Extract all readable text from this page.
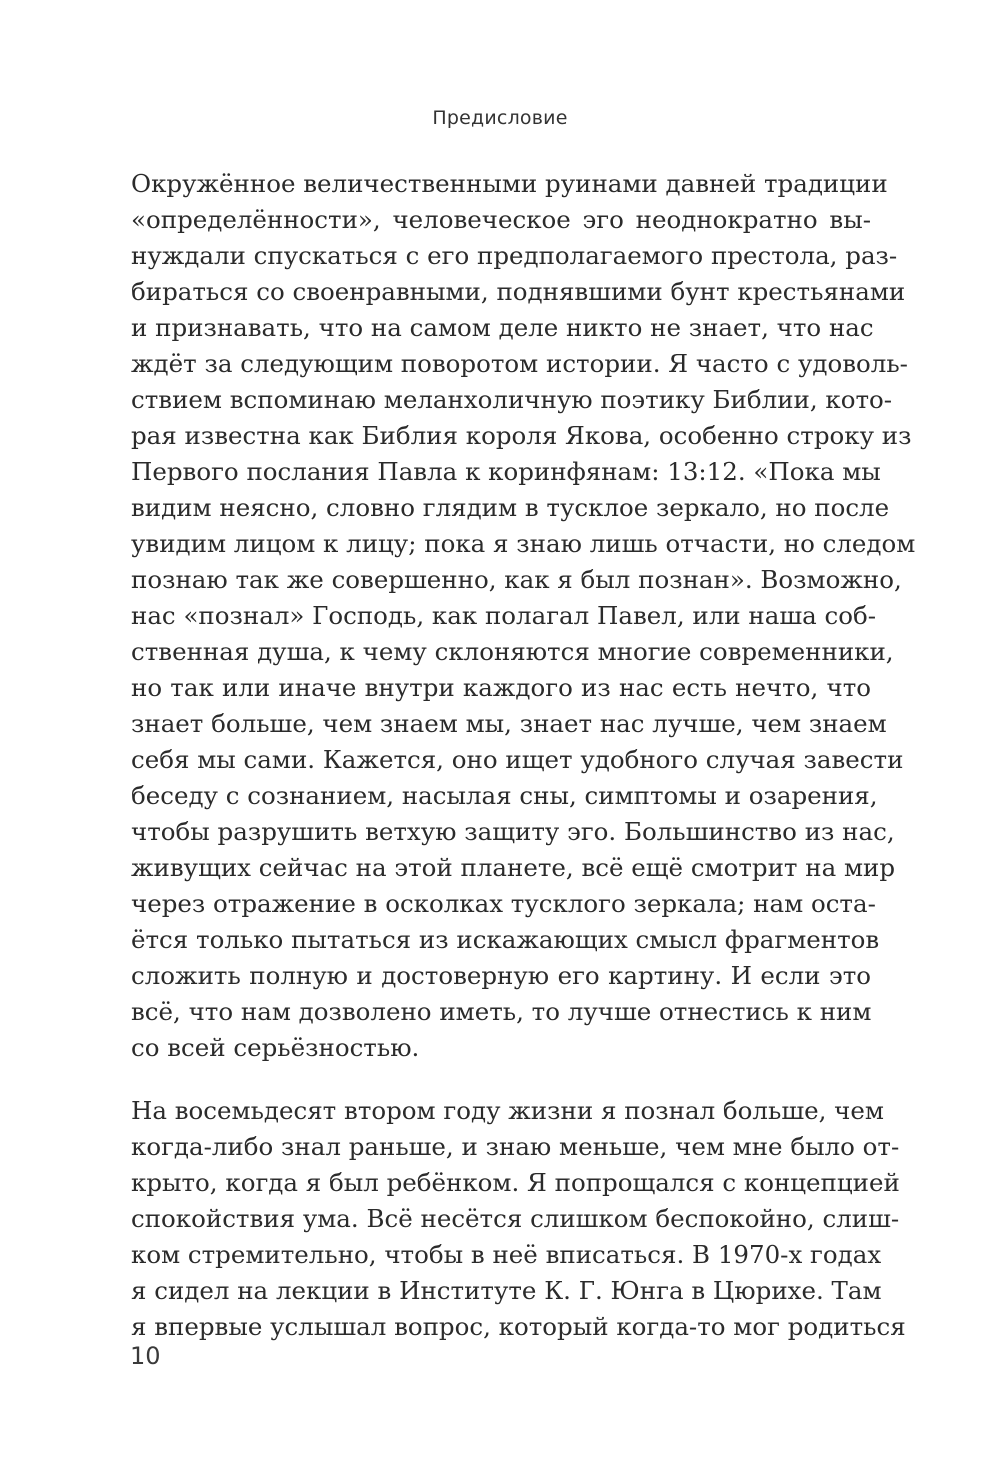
Предисловие
Окружённое величественными руинами давней традиции
«определённости», человеческое эго неоднократно вы-
нуждали спускаться с его предполагаемого престола, раз-
бираться со своенравными, поднявшими бунт крестьянами
и признавать, что на самом деле никто не знает, что нас
ждёт за следующим поворотом истории. Я часто с удоволь-
ствием вспоминаю меланхоличную поэтику Библии, кото-
рая известна как Библия короля Якова, особенно строку из
Первого послания Павла к коринфянам: 13:12. «Пока мы
видим неясно, словно глядим в тусклое зеркало, но после
увидим лицом к лицу; пока я знаю лишь отчасти, но следом
познаю так же совершенно, как я был познан». Возможно,
нас «познал» Господь, как полагал Павел, или наша соб-
ственная душа, к чему склоняются многие современники,
но так или иначе внутри каждого из нас есть нечто, что
знает больше, чем знаем мы, знает нас лучше, чем знаем
себя мы сами. Кажется, оно ищет удобного случая завести
беседу с сознанием, насылая сны, симптомы и озарения,
чтобы разрушить ветхую защиту эго. Большинство из нас,
живущих сейчас на этой планете, всё ещё смотрит на мир
через отражение в осколках тусклого зеркала; нам оста-
ётся только пытаться из искажающих смысл фрагментов
сложить полную и достоверную его картину. И если это
всё, что нам дозволено иметь, то лучше отнестись к ним
со всей серьёзностью.
На восемьдесят втором году жизни я познал больше, чем
когда-либо знал раньше, и знаю меньше, чем мне было от-
крыто, когда я был ребёнком. Я попрощался с концепцией
спокойствия ума. Всё несётся слишком беспокойно, слиш-
ком стремительно, чтобы в неё вписаться. В 1970-х годах
я сидел на лекции в Институте К. Г. Юнга в Цюрихе. Там
я впервые услышал вопрос, который когда-то мог родиться
10
